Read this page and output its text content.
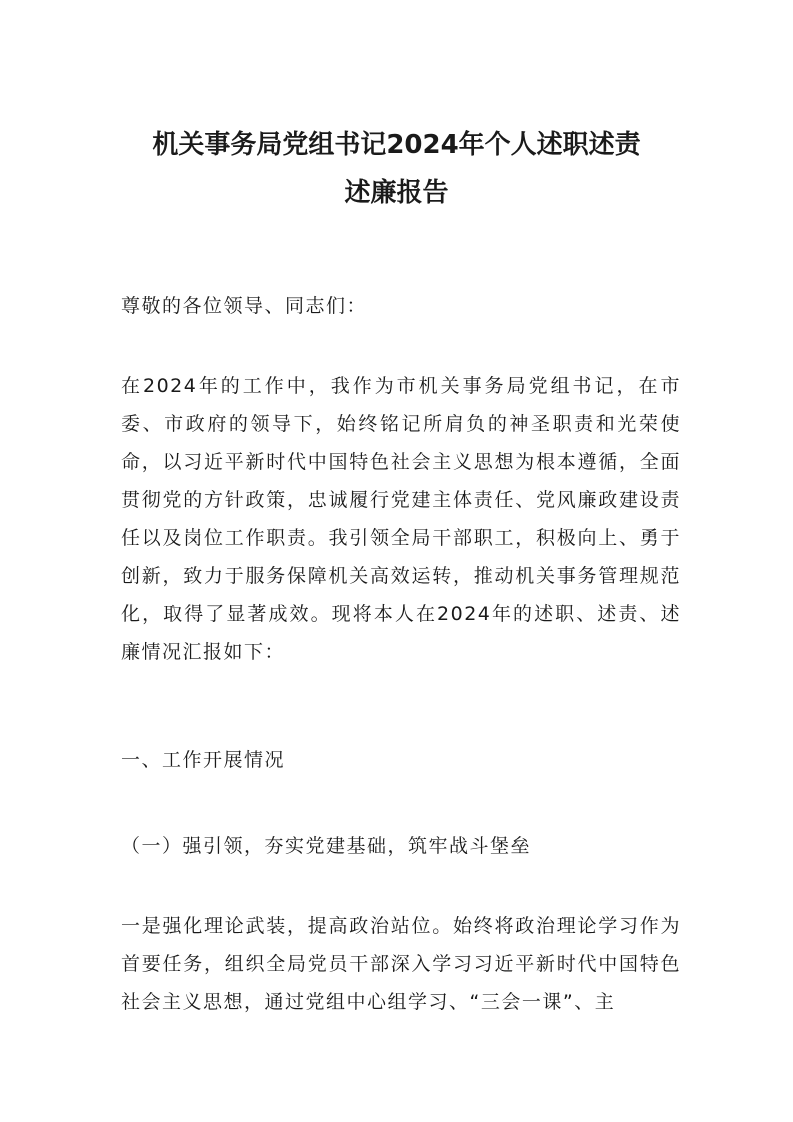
机关事务局党组书记2024年个人述职述责
述廉报告

尊敬的各位领导、同志们：

在2024年的工作中，我作为市机关事务局党组书记，在市委、市政府的领导下，始终铭记所肩负的神圣职责和光荣使命，以习近平新时代中国特色社会主义思想为根本遵循，全面贯彻党的方针政策，忠诚履行党建主体责任、党风廉政建设责任以及岗位工作职责。我引领全局干部职工，积极向上、勇于创新，致力于服务保障机关高效运转，推动机关事务管理规范化，取得了显著成效。现将本人在2024年的述职、述责、述廉情况汇报如下：

一、工作开展情况

（一）强引领，夯实党建基础，筑牢战斗堡垒

一是强化理论武装，提高政治站位。始终将政治理论学习作为首要任务，组织全局党员干部深入学习习近平新时代中国特色社会主义思想，通过党组中心组学习、“三会一课”、主
